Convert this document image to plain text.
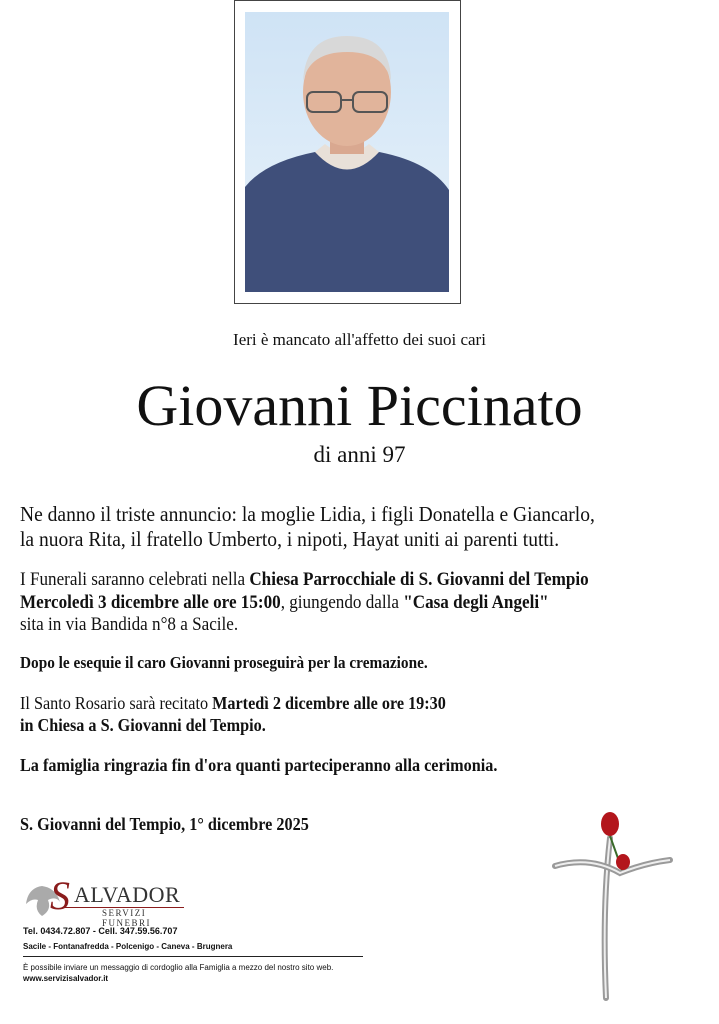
Ieri è mancato all'affetto dei suoi cari
Giovanni Piccinato
di anni 97
Ne danno il triste annuncio: la moglie Lidia, i figli Donatella e Giancarlo,
la nuora Rita, il fratello Umberto, i nipoti, Hayat uniti ai parenti tutti.
I Funerali saranno celebrati nella Chiesa Parrocchiale di S. Giovanni del Tempio
Mercoledì 3 dicembre alle ore 15:00, giungendo dalla "Casa degli Angeli"
sita in via Bandida n°8 a Sacile.
Dopo le esequie il caro Giovanni proseguirà per la cremazione.
Il Santo Rosario sarà recitato Martedì 2 dicembre alle ore 19:30
in Chiesa a S. Giovanni del Tempio.
La famiglia ringrazia fin d'ora quanti parteciperanno alla cerimonia.
S. Giovanni del Tempio, 1° dicembre 2025
S ALVADOR
SERVIZI FUNEBRI
Tel. 0434.72.807 - Cell. 347.59.56.707
Sacile - Fontanafredda - Polcenigo - Caneva - Brugnera
È possibile inviare un messaggio di cordoglio alla Famiglia a mezzo del nostro sito web.
www.servizisalvador.it
